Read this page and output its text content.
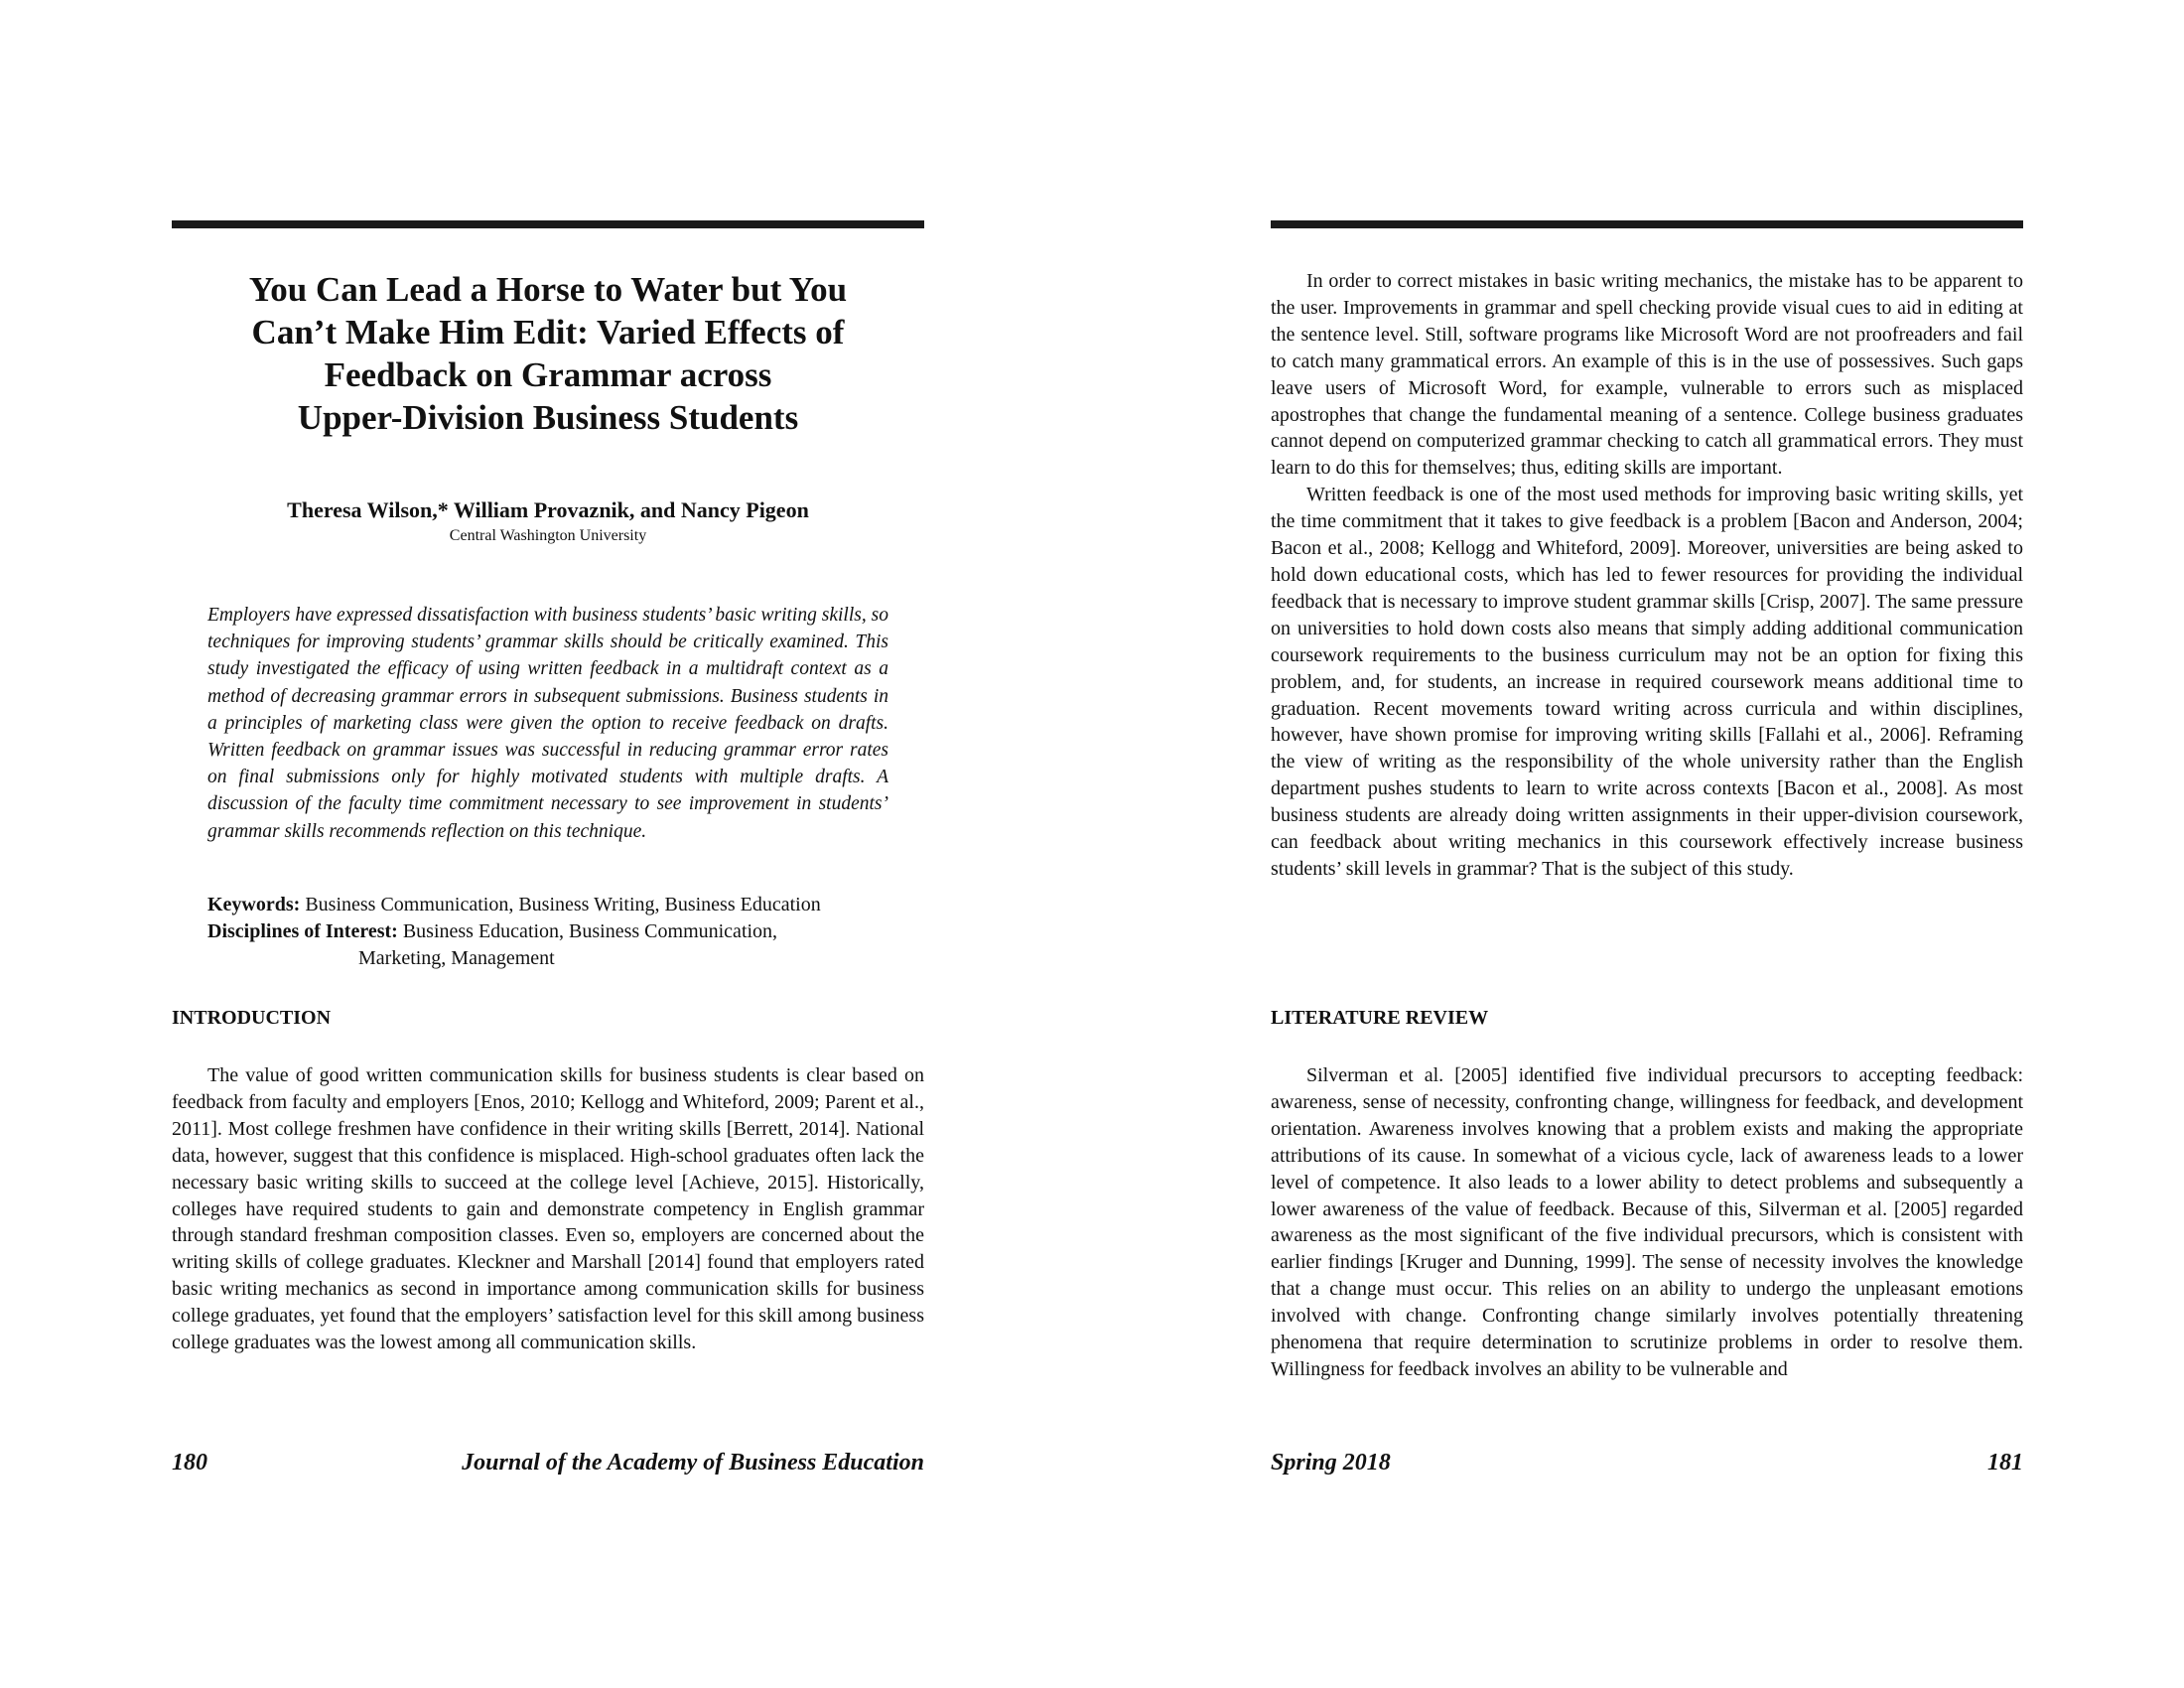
You Can Lead a Horse to Water but You
Can’t Make Him Edit: Varied Effects of
Feedback on Grammar across
Upper-Division Business Students
Theresa Wilson,* William Provaznik, and Nancy Pigeon
Central Washington University

Employers have expressed dissatisfaction with business students’ basic writing skills, so techniques for improving students’ grammar skills should be critically examined. This study investigated the efficacy of using written feedback in a multidraft context as a method of decreasing grammar errors in subsequent submissions. Business students in a principles of marketing class were given the option to receive feedback on drafts. Written feedback on grammar issues was successful in reducing grammar error rates on final submissions only for highly motivated students with multiple drafts. A discussion of the faculty time commitment necessary to see improvement in students’ grammar skills recommends reflection on this technique.

Keywords: Business Communication, Business Writing, Business Education
Disciplines of Interest: Business Education, Business Communication,
Marketing, Management
INTRODUCTION

The value of good written communication skills for business students is clear based on feedback from faculty and employers [Enos, 2010; Kellogg and Whiteford, 2009; Parent et al., 2011]. Most college freshmen have confidence in their writing skills [Berrett, 2014]. National data, however, suggest that this confidence is misplaced. High-school graduates often lack the necessary basic writing skills to succeed at the college level [Achieve, 2015]. Historically, colleges have required students to gain and demonstrate competency in English grammar through standard freshman composition classes. Even so, employers are concerned about the writing skills of college graduates. Kleckner and Marshall [2014] found that employers rated basic writing mechanics as second in importance among communication skills for business college graduates, yet found that the employers’ satisfaction level for this skill among business college graduates was the lowest among all communication skills.

180	Journal of the Academy of Business Education

In order to correct mistakes in basic writing mechanics, the mistake has to be apparent to the user. Improvements in grammar and spell checking provide visual cues to aid in editing at the sentence level. Still, software programs like Microsoft Word are not proofreaders and fail to catch many grammatical errors. An example of this is in the use of possessives. Such gaps leave users of Microsoft Word, for example, vulnerable to errors such as misplaced apostrophes that change the fundamental meaning of a sentence. College business graduates cannot depend on computerized grammar checking to catch all grammatical errors. They must learn to do this for themselves; thus, editing skills are important.

Written feedback is one of the most used methods for improving basic writing skills, yet the time commitment that it takes to give feedback is a problem [Bacon and Anderson, 2004; Bacon et al., 2008; Kellogg and Whiteford, 2009]. Moreover, universities are being asked to hold down educational costs, which has led to fewer resources for providing the individual feedback that is necessary to improve student grammar skills [Crisp, 2007]. The same pressure on universities to hold down costs also means that simply adding additional communication coursework requirements to the business curriculum may not be an option for fixing this problem, and, for students, an increase in required coursework means additional time to graduation. Recent movements toward writing across curricula and within disciplines, however, have shown promise for improving writing skills [Fallahi et al., 2006]. Reframing the view of writing as the responsibility of the whole university rather than the English department pushes students to learn to write across contexts [Bacon et al., 2008]. As most business students are already doing written assignments in their upper-division coursework, can feedback about writing mechanics in this coursework effectively increase business students’ skill levels in grammar? That is the subject of this study.

LITERATURE REVIEW

Silverman et al. [2005] identified five individual precursors to accepting feedback: awareness, sense of necessity, confronting change, willingness for feedback, and development orientation. Awareness involves knowing that a problem exists and making the appropriate attributions of its cause. In somewhat of a vicious cycle, lack of awareness leads to a lower level of competence. It also leads to a lower ability to detect problems and subsequently a lower awareness of the value of feedback. Because of this, Silverman et al. [2005] regarded awareness as the most significant of the five individual precursors, which is consistent with earlier findings [Kruger and Dunning, 1999]. The sense of necessity involves the knowledge that a change must occur. This relies on an ability to undergo the unpleasant emotions involved with change. Confronting change similarly involves potentially threatening phenomena that require determination to scrutinize problems in order to resolve them. Willingness for feedback involves an ability to be vulnerable and

Spring 2018	181
